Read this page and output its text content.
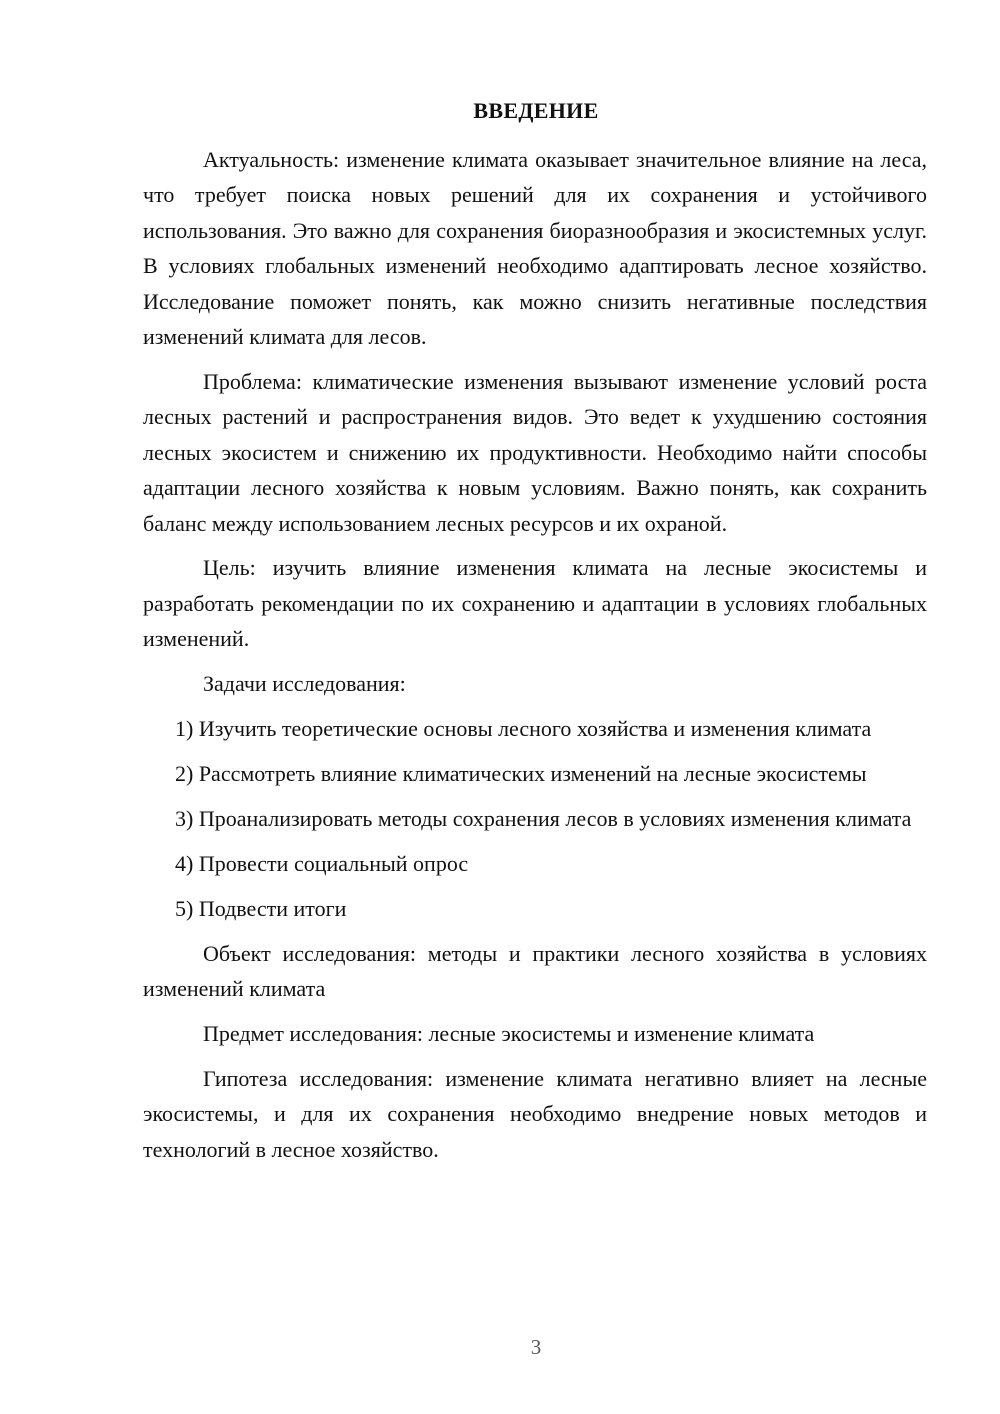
ВВЕДЕНИЕ

Актуальность: изменение климата оказывает значительное влияние на леса, что требует поиска новых решений для их сохранения и устойчивого использования. Это важно для сохранения биоразнообразия и экосистемных услуг. В условиях глобальных изменений необходимо адаптировать лесное хозяйство. Исследование поможет понять, как можно снизить негативные последствия изменений климата для лесов.

Проблема: климатические изменения вызывают изменение условий роста лесных растений и распространения видов. Это ведет к ухудшению состояния лесных экосистем и снижению их продуктивности. Необходимо найти способы адаптации лесного хозяйства к новым условиям. Важно понять, как сохранить баланс между использованием лесных ресурсов и их охраной.

Цель: изучить влияние изменения климата на лесные экосистемы и разработать рекомендации по их сохранению и адаптации в условиях глобальных изменений.

Задачи исследования:

1) Изучить теоретические основы лесного хозяйства и изменения климата

2) Рассмотреть влияние климатических изменений на лесные экосистемы

3) Проанализировать методы сохранения лесов в условиях изменения климата

4) Провести социальный опрос

5) Подвести итоги

Объект исследования: методы и практики лесного хозяйства в условиях изменений климата

Предмет исследования: лесные экосистемы и изменение климата

Гипотеза исследования: изменение климата негативно влияет на лесные экосистемы, и для их сохранения необходимо внедрение новых методов и технологий в лесное хозяйство.

3
